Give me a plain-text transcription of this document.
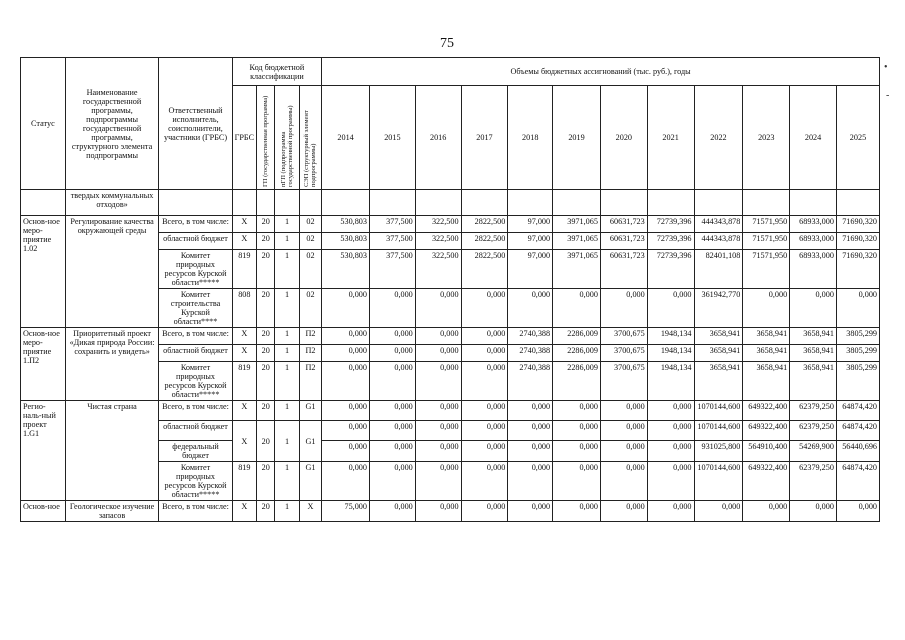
75
•
-
Статус	Наименование государственной программы, подпрограммы государственной программы, структурного элемента подпрограммы	Ответственный исполнитель, соисполнители, участники (ГРБС)	Код бюджетной классификации				Объемы бюджетных ассигнований (тыс. руб.), годы											
			ГРБС	ГП (государственная программа)	пГП (подпрограмма государственной программы)	СЭП (структурный элемент подпрограммы)	2014	2015	2016	2017	2018	2019	2020	2021	2022	2023	2024	2025
	твердых коммунальных отходов»																	
Основ-ное меро-приятие 1.02	Регулирование качества окружающей среды	Всего, в том числе:	Х	20	1	02	530,803	377,500	322,500	2822,500	97,000	3971,065	60631,723	72739,396	444343,878	71571,950	68933,000	71690,320
		областной бюджет	Х	20	1	02	530,803	377,500	322,500	2822,500	97,000	3971,065	60631,723	72739,396	444343,878	71571,950	68933,000	71690,320
		Комитет природных ресурсов Курской области*****	819	20	1	02	530,803	377,500	322,500	2822,500	97,000	3971,065	60631,723	72739,396	82401,108	71571,950	68933,000	71690,320
		Комитет строительства Курской области****	808	20	1	02	0,000	0,000	0,000	0,000	0,000	0,000	0,000	0,000	361942,770	0,000	0,000	0,000
Основ-ное меро-приятие 1.П2	Приоритетный проект «Дикая природа России: сохранить и увидеть»	Всего, в том числе:	Х	20	1	П2	0,000	0,000	0,000	0,000	2740,388	2286,009	3700,675	1948,134	3658,941	3658,941	3658,941	3805,299
		областной бюджет	Х	20	1	П2	0,000	0,000	0,000	0,000	2740,388	2286,009	3700,675	1948,134	3658,941	3658,941	3658,941	3805,299
		Комитет природных ресурсов Курской области*****	819	20	1	П2	0,000	0,000	0,000	0,000	2740,388	2286,009	3700,675	1948,134	3658,941	3658,941	3658,941	3805,299
Регио-наль-ный проект 1.G1	Чистая страна	Всего, в том числе:	Х	20	1	G1	0,000	0,000	0,000	0,000	0,000	0,000	0,000	0,000	1070144,600	649322,400	62379,250	64874,420
		областной бюджет	Х	20	1	G1	0,000	0,000	0,000	0,000	0,000	0,000	0,000	0,000	1070144,600	649322,400	62379,250	64874,420
		федеральный бюджет					0,000	0,000	0,000	0,000	0,000	0,000	0,000	0,000	931025,800	564910,400	54269,900	56440,696
		Комитет природных ресурсов Курской области*****	819	20	1	G1	0,000	0,000	0,000	0,000	0,000	0,000	0,000	0,000	1070144,600	649322,400	62379,250	64874,420
Основ-ное	Геологическое изучение запасов	Всего, в том числе:	Х	20	1	Х	75,000	0,000	0,000	0,000	0,000	0,000	0,000	0,000	0,000	0,000	0,000	0,000
